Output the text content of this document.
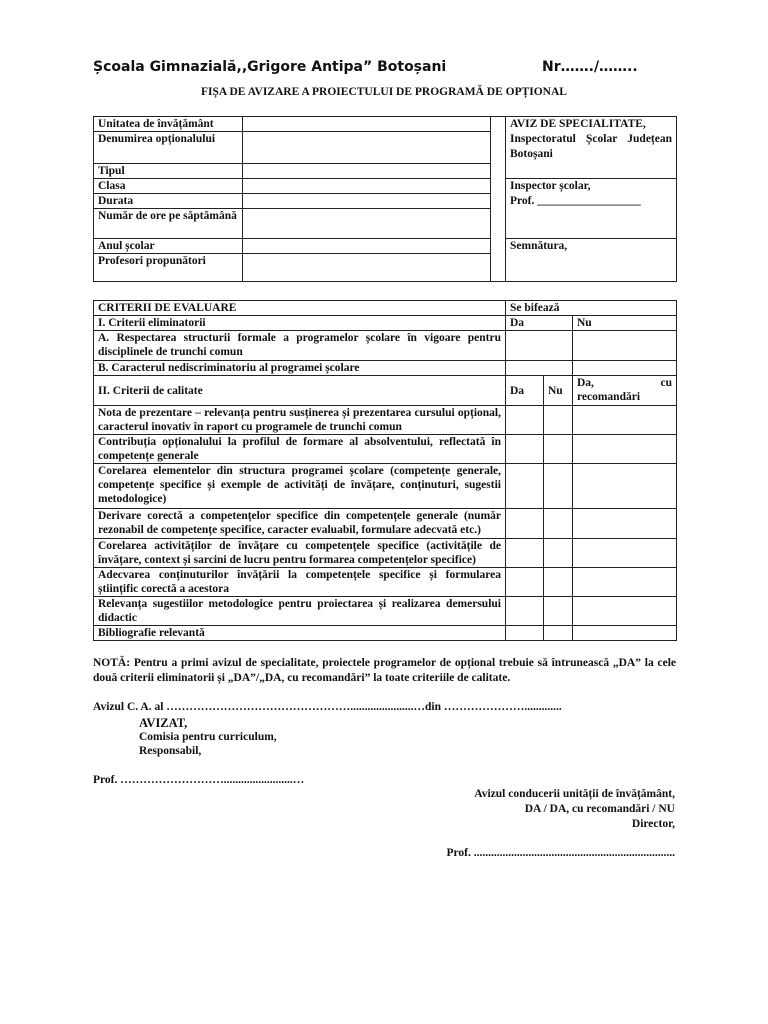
Școala Gimnazială,,Grigore Antipa” Botoșani	Nr……./……..
FIȘA DE AVIZARE A PROIECTULUI DE PROGRAMĂ DE OPȚIONAL
Unitatea de învățământ			AVIZ DE SPECIALITATE,
Inspectoratul Școlar Județean Botoșani

Denumirea opționalului			
Tipul			
Clasa			Inspector școlar,
Prof. __________________

Durata			
Număr de ore pe săptămână			
Anul școlar			Semnătura,

Profesori propunători			
CRITERII DE EVALUARE	Se bifează		
I. Criterii eliminatorii	Da		Nu
A. Respectarea structurii formale a programelor școlare în vigoare pentru disciplinele de trunchi comun			
B. Caracterul nediscriminatoriu al programei școlare			
II. Criterii de calitate	Da	Nu	Da, cu recomandări
Nota de prezentare – relevanța pentru susținerea și prezentarea cursului opțional, caracterul inovativ în raport cu programele de trunchi comun			
Contribuția opționalului la profilul de formare al absolventului, reflectată în competențe generale			
Corelarea elementelor din structura programei școlare (competențe generale, competențe specifice și exemple de activități de învățare, conținuturi, sugestii metodologice)			
Derivare corectă a competențelor specifice din competențele generale (număr rezonabil de competențe specifice, caracter evaluabil, formulare adecvată etc.)			
Corelarea activităților de învățare cu competențele specifice (activitățile de învățare, context și sarcini de lucru pentru formarea competențelor specifice)			
Adecvarea conținuturilor învățării la competențele specifice și formularea științific corectă a acestora			
Relevanța sugestiilor metodologice pentru proiectarea și realizarea demersului didactic			
Bibliografie relevantă			
NOTĂ: Pentru a primi avizul de specialitate, proiectele programelor de opțional trebuie să întrunească „DA” la cele două criterii eliminatorii și „DA”/„DA, cu recomandări” la toate criteriile de calitate.
Avizul C. A. al …………………………………………......................…din ………………….............
AVIZAT,
Comisia pentru curriculum,
Responsabil,
Prof. ………………………........................…
Avizul conducerii unității de învățământ,
DA / DA, cu recomandări / NU
Director,
Prof. ......................................................................
